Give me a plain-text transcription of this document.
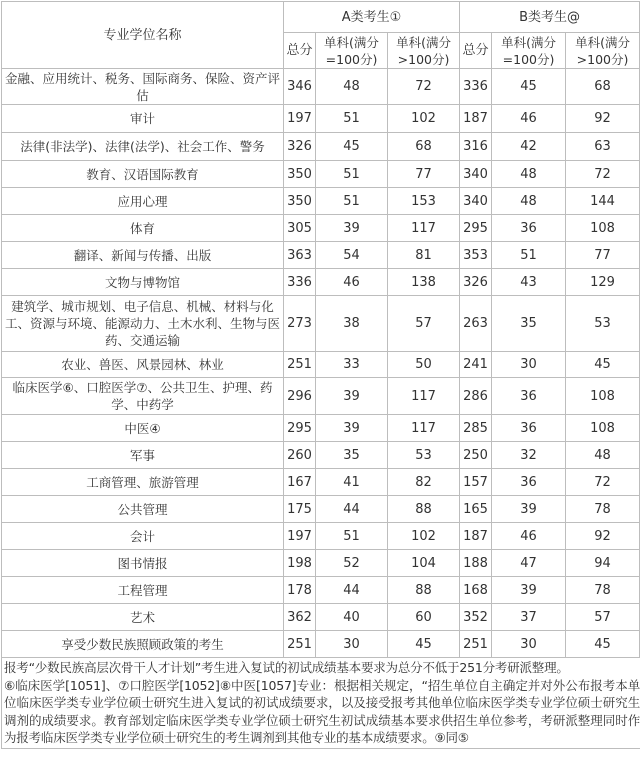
专业学位名称	A类考生①			B类考生@		
	总分	单科(满分=100分)	单科(满分>100分)	总分	单科(满分=100分)	单科(满分>100分)
金融、应用统计、税务、国际商务、保险、资产评估	346	48	72	336	45	68
审计	197	51	102	187	46	92
法律(非法学)、法律(法学)、社会工作、警务	326	45	68	316	42	63
教育、汉语国际教育	350	51	77	340	48	72
应用心理	350	51	153	340	48	144
体育	305	39	117	295	36	108
翻译、新闻与传播、出版	363	54	81	353	51	77
文物与博物馆	336	46	138	326	43	129
建筑学、城市规划、电子信息、机械、材料与化工、资源与环境、能源动力、土木水利、生物与医药、交通运输	273	38	57	263	35	53
农业、兽医、风景园林、林业	251	33	50	241	30	45
临床医学⑥、口腔医学⑦、公共卫生、护理、药学、中药学	296	39	117	286	36	108
中医④	295	39	117	285	36	108
军事	260	35	53	250	32	48
工商管理、旅游管理	167	41	82	157	36	72
公共管理	175	44	88	165	39	78
会计	197	51	102	187	46	92
图书情报	198	52	104	188	47	94
工程管理	178	44	88	168	39	78
艺术	362	40	60	352	37	57
享受少数民族照顾政策的考生	251	30	45	251	30	45

报考“少数民族高层次骨干人才计划”考生进入复试的初试成绩基本要求为总分不低于251分考研派整理。

⑥临床医学[1051]、⑦口腔医学[1052]⑧中医[1057]专业：根据相关规定，“招生单位自主确定并对外公布报考本单位临床医学类专业学位硕士研究生进入复试的初试成绩要求，以及接受报考其他单位临床医学类专业学位硕士研究生调剂的成绩要求。教育部划定临床医学类专业学位硕士研究生初试成绩基本要求供招生单位参考，考研派整理同时作为报考临床医学类专业学位硕士研究生的考生调剂到其他专业的基本成绩要求。⑨同⑤
